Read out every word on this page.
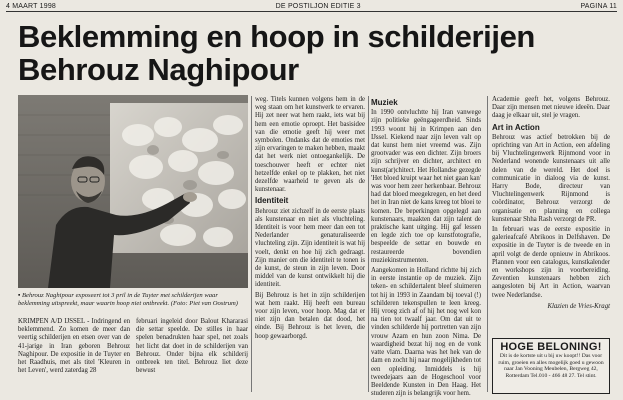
4 MAART 1998	DE POSTILJON EDITIE 3	PAGINA 11
Beklemming en hoop in schilderijen
Behrouz Naghipour

▪ Behrouz Naghipour exposeert tot 3 pril in de Tuyter met schilderijen waar beklemming uitspreekt, maar waarin hoop niet ontbreekt. (Foto: Piet van Oostrum)

KRIMPEN A/D IJSSEL - Indringend en beklemmend. Zo komen de meer dan veertig schilderijen en etsen over van de 41-jarige in Iran geboren Behrouz Naghipour. De expositie in de Tuyter en het Raadhuis, met als titel 'Kleuren in het Leven', werd zaterdag 28

februari ingeleid door Balout Khararasi die settar speelde. De stilles in haar spelen benadrukten haar spel, net zoals het licht dat doet in de schilderijen van Behrouz. Onder bijna elk schilderij ontbreek ten titel. Behrouz liet deze bewust

weg. Titels kunnen volgens hem in de weg staan om het kunstwerk te ervaren. Hij zet neer wat hem raakt, iets wat bij hem een emotie oproept. Het basisidee van die emotie geeft hij weer met symbolen. Ondanks dat de emoties met zijn ervaringen te maken hebben, maakt dat het werk niet ontoegankelijk. De toeschouwer heeft er echter niet hetzelfde enkel op te plakken, het niet dezelfde waarheid te geven als de kunstenaar.

Identiteit

Behrouz ziet zichzelf in de eerste plaats als kunstenaar en niet als vluchteling. Identiteit is voor hem meer dan een tot Nederlander genaturaliseerde vluchteling zijn. Zijn identiteit is wat hij voelt, denkt en hoe hij zich gedraagt. Zijn manier om die identiteit te tonen is de kunst, de steun in zijn leven. Door middel van de kunst ontwikkelt hij die identiteit.

Bij Behrouz is het in zijn schilderijen wat hem raakt. Hij heeft een bureau voor zijn leven, voor hoop. Mag dat er niet zijn dan betalen dat dood, het einde. Bij Behrouz is het leven, die hoop gewaarborgd.

Muziek

In 1990 ontvluchtte hij Iran vanwege zijn politieke geëngageerdheid. Sinds 1993 woont hij in Krimpen aan den IJssel. Kiekend naar zijn leven valt op dat kunst hem niet vreemd was. Zijn grootvader was een dichter. Zijn broers zijn schrijver en dichter, architect en kunst(ar)chitect. Het Hollandse gezegde 'Het bloed kruipt waar het niet gaan kan' was voor hem zeer herkenbaar. Behrouz had dat bloed meegekregen, en het deed het in Iran niet de kans kreeg tot bloei te komen. De beperkingen opgelegd aan kunstenaars, maakten dat zijn talent de praktische kant uitging. Hij gaf lessen en legde zich toe op kunstfotografie, bespeelde de settar en bouwde en restaureerde bovendien muziekinstrumenten.

Aangekomen in Holland richtte hij zich in eerste instantie op de muziek. Zijn teken- en schildertalent bleef sluimeren tot hij in 1993 in Zaandam bij toeval (!) schilderen tekenspullen te leen kreeg. Hij vroeg zich af of hij het nog wel kon na tien tot twaalf jaar. Om dat uit te vinden schilderde hij portretten van zijn vrouw Azam en hun zoon Nima. De waardigheid bezat hij nog en de vonk vatte vlam. Daarna was het hek van de dam en zocht hij naar mogelijkheden tot een opleiding. Inmiddels is hij tweedejaars aan de Hogeschool voor Beeldende Kunsten in Den Haag. Het studeren zijn is belangrijk voor hem.

Academie geeft het, volgens Behrouz. Daar zijn mensen met nieuwe ideeën. Daar daag je elkaar uit, stel je vragen.

Art in Action

Behrouz was actief betrokken bij de oprichting van Art in Action, een afdeling bij Vluchtelingenwerk Rijnmond voor in Nederland wonende kunstenaars uit alle delen van de wereld. Het doel is communicatie in dialoog via de kunst. Harry Bode, directeur van Vluchtelingenwerk Rijnmond is coördinator, Behrouz verzorgt de organisatie en planning en collega kunstenaar Shha Rash verzorgt de PR.

In februari was de eerste expositie in galerieafcafé Abrikoos in Delfshaven. De expositie in de Tuyter is de tweede en in april volgt de derde opnieuw in Abrikoos. Plannen voor een catalogus, kunstkalender en workshops zijn in voorbereiding. Zeventien kunstenaars hebben zich aangesloten bij Art in Action, waarvan twee Nederlandse.

Klazien de Vries-Kragt

HOGE BELONING!
Dit is de kortste uit u bij uw koopt!! Das voor ruim, groeien en alles mogelijk goed u gewoon naar Jan Vooning Meubelen, Bergweg 42, Rotterdam Tel.010 - 466 48 27. Tel stint.
